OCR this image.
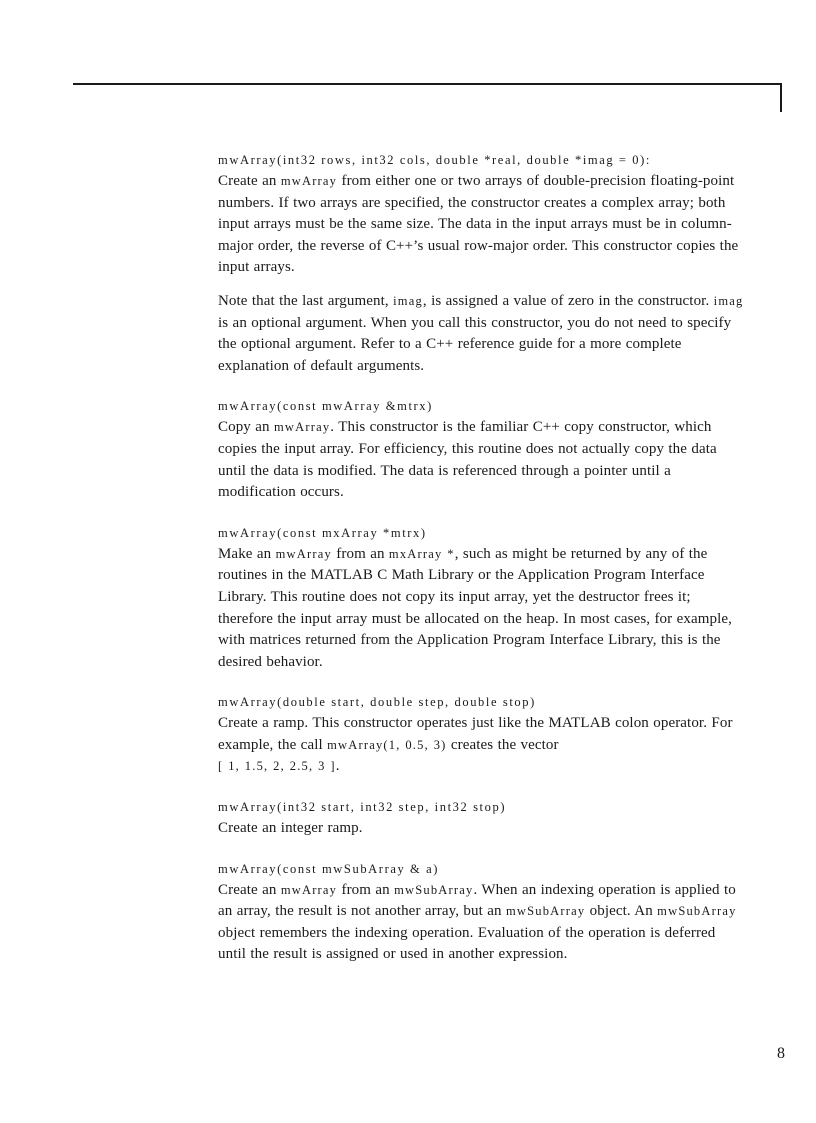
mwArray(int32 rows, int32 cols, double *real, double *imag = 0):

Create an mwArray from either one or two arrays of double-precision floating-point numbers. If two arrays are specified, the constructor creates a complex array; both input arrays must be the same size. The data in the input arrays must be in column-major order, the reverse of C++’s usual row-major order. This constructor copies the input arrays.

Note that the last argument, imag, is assigned a value of zero in the constructor. imag is an optional argument. When you call this constructor, you do not need to specify the optional argument. Refer to a C++ reference guide for a more complete explanation of default arguments.

mwArray(const mwArray &mtrx)

Copy an mwArray. This constructor is the familiar C++ copy constructor, which copies the input array. For efficiency, this routine does not actually copy the data until the data is modified. The data is referenced through a pointer until a modification occurs.

mwArray(const mxArray *mtrx)

Make an mwArray from an mxArray *, such as might be returned by any of the routines in the MATLAB C Math Library or the Application Program Interface Library. This routine does not copy its input array, yet the destructor frees it; therefore the input array must be allocated on the heap. In most cases, for example, with matrices returned from the Application Program Interface Library, this is the desired behavior.

mwArray(double start, double step, double stop)

Create a ramp. This constructor operates just like the MATLAB colon operator. For example, the call mwArray(1, 0.5, 3) creates the vector
[ 1, 1.5, 2, 2.5, 3 ].

mwArray(int32 start, int32 step, int32 stop)

Create an integer ramp.

mwArray(const mwSubArray & a)

Create an mwArray from an mwSubArray. When an indexing operation is applied to an array, the result is not another array, but an mwSubArray object. An mwSubArray object remembers the indexing operation. Evaluation of the operation is deferred until the result is assigned or used in another expression.

8
